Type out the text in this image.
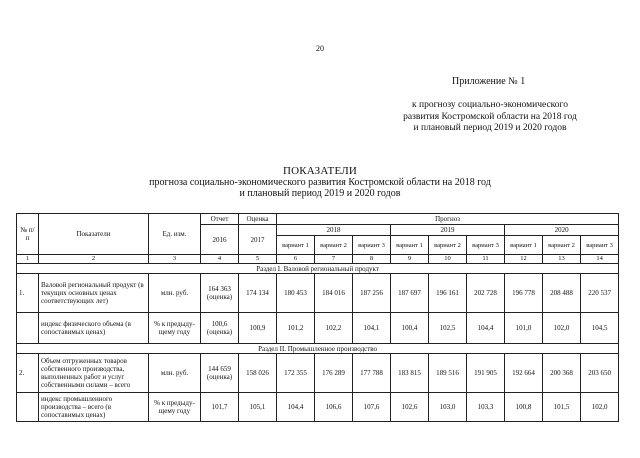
20
Приложение № 1
к прогнозу социально-экономического
развития Костромской области на 2018 год
и плановый период 2019 и 2020 годов
ПОКАЗАТЕЛИ
прогноза социально-экономического развития Костромской области на 2018 год
и плановый период 2019 и 2020 годов
№ п/п	Показатели	Ед. изм.	Отчет	Оценка	Прогноз								
			2016	2017	2018			2019			2020		
					вариант 1	вариант 2	вариант 3	вариант 1	вариант 2	вариант 3	вариант 1	вариант 2	вариант 3
1	2	3	4	5	6	7	8	9	10	11	12	13	14
Раздел I. Валовой региональный продукт													
1.	Валовой региональный продукт (в текущих основных ценах соответствующих лет)	млн. руб.	164 363 (оценка)	174 134	180 453	184 016	187 256	187 697	196 161	202 728	196 778	208 488	220 537
	индекс физического объема (в сопоставимых ценах)	% к предыду-щему году	100,6 (оценка)	100,9	101,2	102,2	104,1	100,4	102,5	104,4	101,0	102,0	104,5
Раздел II. Промышленное производство													
2.	Объем отгруженных товаров собственного производства, выполненных работ и услуг собственными силами – всего	млн. руб.	144 659 (оценка)	158 026	172 355	176 289	177 788	183 815	189 516	191 905	192 664	200 368	203 650
	индекс промышленного производства – всего (в сопоставимых ценах)	% к предыду-щему году	101,7	105,1	104,4	106,6	107,6	102,6	103,0	103,3	100,8	101,5	102,0
